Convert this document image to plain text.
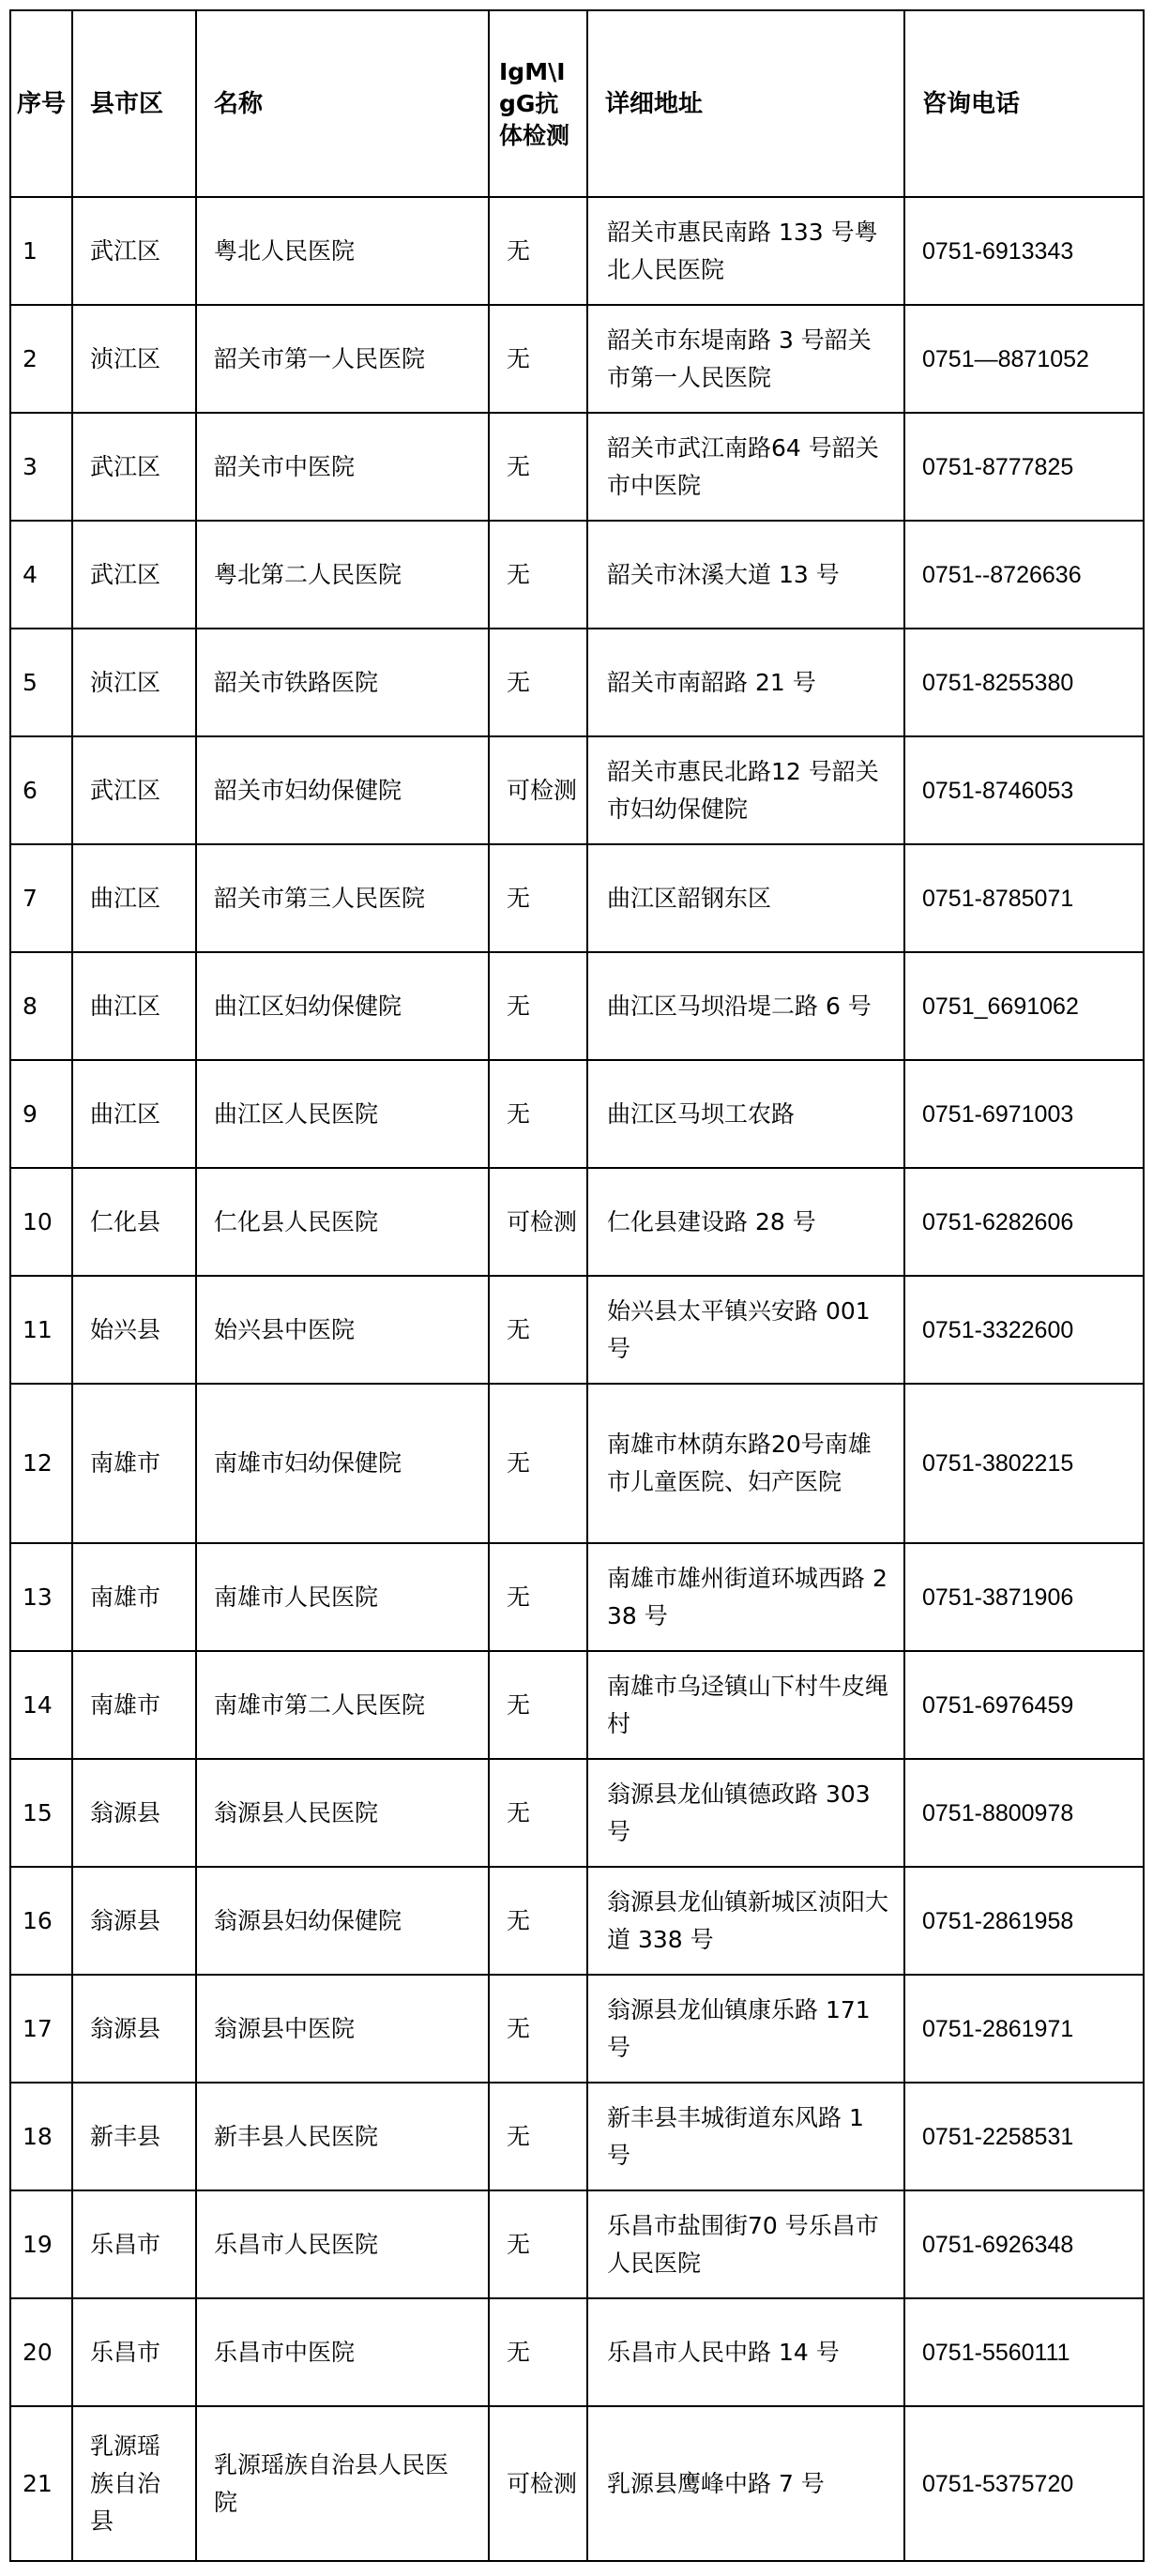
序号	县市区	名称	IgM\IgG抗体检测	详细地址	咨询电话
1	武江区	粤北人民医院	无	韶关市惠民南路 133 号粤北人民医院	0751-6913343
2	浈江区	韶关市第一人民医院	无	韶关市东堤南路 3 号韶关市第一人民医院	0751—8871052
3	武江区	韶关市中医院	无	韶关市武江南路64 号韶关市中医院	0751-8777825
4	武江区	粤北第二人民医院	无	韶关市沐溪大道 13 号	0751--8726636
5	浈江区	韶关市铁路医院	无	韶关市南韶路 21 号	0751-8255380
6	武江区	韶关市妇幼保健院	可检测	韶关市惠民北路12 号韶关市妇幼保健院	0751-8746053
7	曲江区	韶关市第三人民医院	无	曲江区韶钢东区	0751-8785071
8	曲江区	曲江区妇幼保健院	无	曲江区马坝沿堤二路 6 号	0751_6691062
9	曲江区	曲江区人民医院	无	曲江区马坝工农路	0751-6971003
10	仁化县	仁化县人民医院	可检测	仁化县建设路 28 号	0751-6282606
11	始兴县	始兴县中医院	无	始兴县太平镇兴安路 001 号	0751-3322600
12	南雄市	南雄市妇幼保健院	无	南雄市林荫东路20号南雄市儿童医院、妇产医院	0751-3802215
13	南雄市	南雄市人民医院	无	南雄市雄州街道环城西路 238 号	0751-3871906
14	南雄市	南雄市第二人民医院	无	南雄市乌迳镇山下村牛皮绳村	0751-6976459
15	翁源县	翁源县人民医院	无	翁源县龙仙镇德政路 303 号	0751-8800978
16	翁源县	翁源县妇幼保健院	无	翁源县龙仙镇新城区浈阳大道 338 号	0751-2861958
17	翁源县	翁源县中医院	无	翁源县龙仙镇康乐路 171 号	0751-2861971
18	新丰县	新丰县人民医院	无	新丰县丰城街道东风路 1 号	0751-2258531
19	乐昌市	乐昌市人民医院	无	乐昌市盐围街70 号乐昌市人民医院	0751-6926348
20	乐昌市	乐昌市中医院	无	乐昌市人民中路 14 号	0751-5560111
21	乳源瑶族自治县	乳源瑶族自治县人民医院	可检测	乳源县鹰峰中路 7 号	0751-5375720
